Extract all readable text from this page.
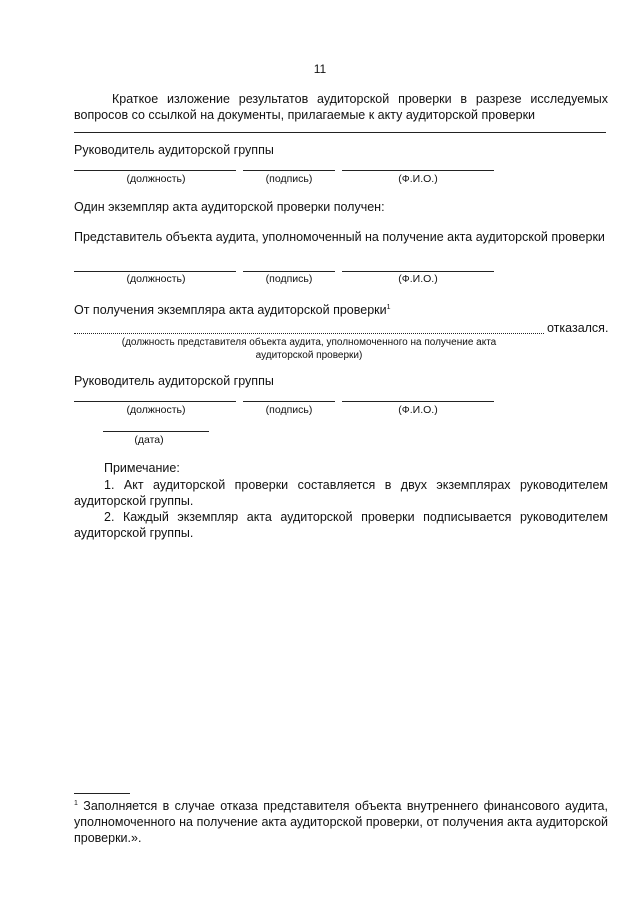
11
Краткое изложение результатов аудиторской проверки в разрезе исследуемых вопросов со ссылкой на документы, прилагаемые к акту аудиторской проверки
Руководитель аудиторской группы
(должность)	(подпись)	(Ф.И.О.)
Один экземпляр акта аудиторской проверки получен:
Представитель объекта аудита, уполномоченный на получение акта аудиторской проверки
(должность)	(подпись)	(Ф.И.О.)
От получения экземпляра акта аудиторской проверки$^1$
отказался.
(должность представителя объекта аудита, уполномоченного на получение акта аудиторской проверки)
Руководитель аудиторской группы
(должность)	(подпись)	(Ф.И.О.)
(дата)
Примечание:
1. Акт аудиторской проверки составляется в двух экземплярах руководителем аудиторской группы.
2. Каждый экземпляр акта аудиторской проверки подписывается руководителем аудиторской группы.
$^1$ Заполняется в случае отказа представителя объекта внутреннего финансового аудита, уполномоченного на получение акта аудиторской проверки, от получения акта аудиторской проверки.».
